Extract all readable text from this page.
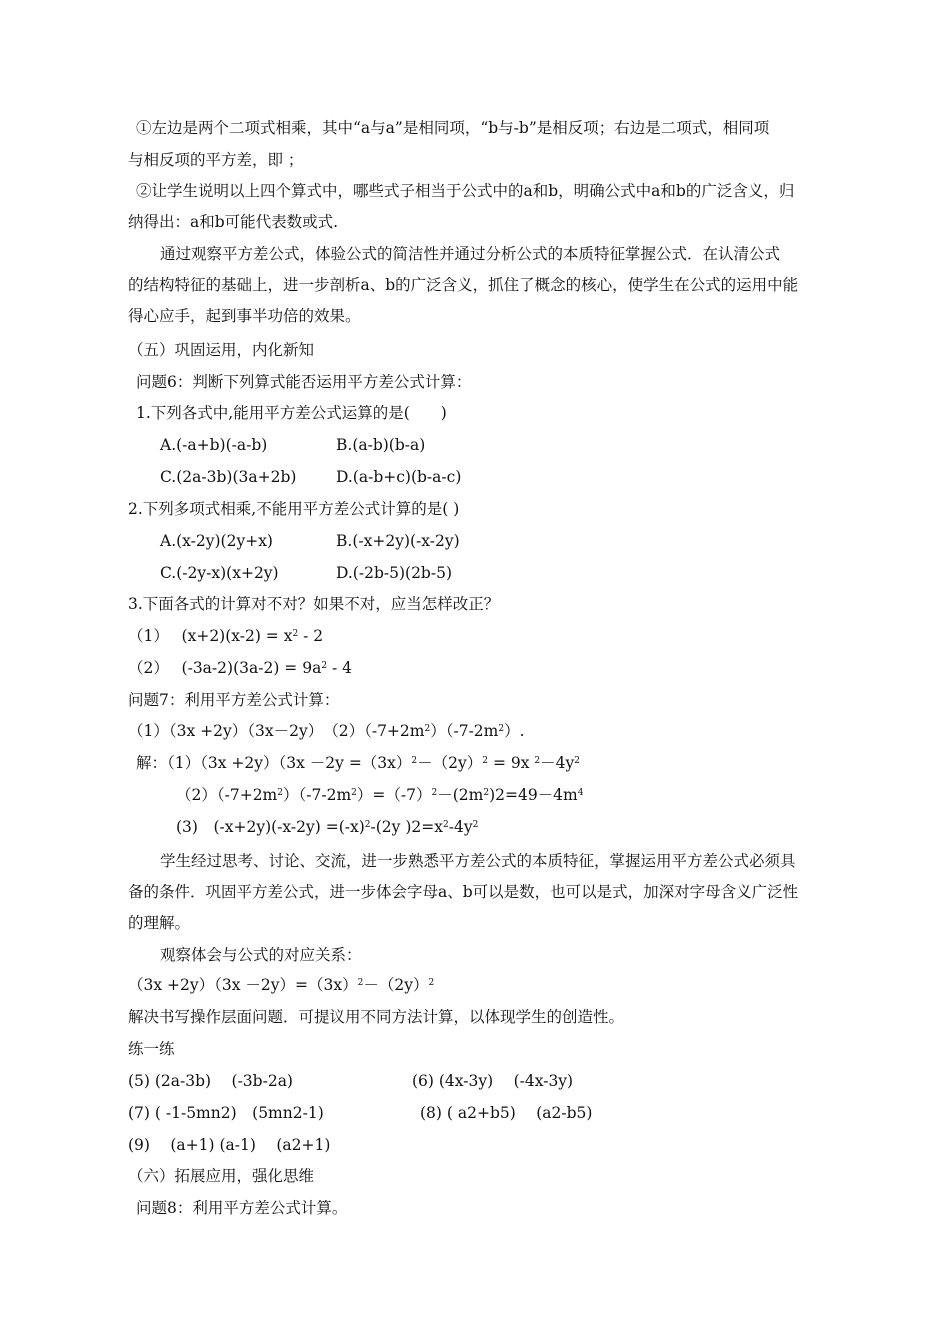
①左边是两个二项式相乘，其中“a与a”是相同项，“b与-b”是相反项；右边是二项式，相同项
与相反项的平方差，即 ；
②让学生说明以上四个算式中，哪些式子相当于公式中的a和b，明确公式中a和b的广泛含义，归
纳得出：a和b可能代表数或式.
通过观察平方差公式，体验公式的简洁性并通过分析公式的本质特征掌握公式．在认清公式
的结构特征的基础上，进一步剖析a、b的广泛含义，抓住了概念的核心，使学生在公式的运用中能
得心应手，起到事半功倍的效果。
（五）巩固运用，内化新知
问题6：判断下列算式能否运用平方差公式计算：
1.下列各式中,能用平方差公式运算的是(　　)
A.(-a+b)(-a-b)	B.(a-b)(b-a)
C.(2a-3b)(3a+2b)	D.(a-b+c)(b-a-c)
2.下列多项式相乘,不能用平方差公式计算的是( )
A.(x-2y)(2y+x)	B.(-x+2y)(-x-2y)
C.(-2y-x)(x+2y)	D.(-2b-5)(2b-5)
3.下面各式的计算对不对？如果不对，应当怎样改正？
（1）　 $(x+2)(x-2) = x^2 - 2$
（2）　 $(-3a-2)(3a-2) = 9a^2 - 4$
问题7：利用平方差公式计算：
（1）（3x +2y）（3x－2y）　$(2)(-7+2m^2)(-7-2m^2)$.
解：$(1)(3x +2y)(3x -2y =(3x)^2-(2y)^2 = 9x$ $^2-4y^2$
$(2)(-7+2m^2)(-7-2m^2)=(-7)^2-(2m^2)2=49-4m^4$
(3)　$(-x+2y)(-x-2y) =(-x)^2-(2y$ )$2=x^2-4y^2$
学生经过思考、讨论、交流，进一步熟悉平方差公式的本质特征，掌握运用平方差公式必须具
备的条件．巩固平方差公式，进一步体会字母a、b可以是数，也可以是式，加深对字母含义广泛性
的理解。
观察体会与公式的对应关系：
$(3x +2y)(3x -2y)=(3x)^2-(2y)^2$
解决书写操作层面问题．可提议用不同方法计算，以体现学生的创造性。
练一练
(5) (2a-3b)　 (-3b-2a)	(6) (4x-3y)　 (-4x-3y)
(7) ( -1-5mn2)　(5mn2-1)	(8) ( a2+b5)　 (a2-b5)
(9)　 (a+1) (a-1)　 (a2+1)
（六）拓展应用，强化思维
问题8：利用平方差公式计算。
